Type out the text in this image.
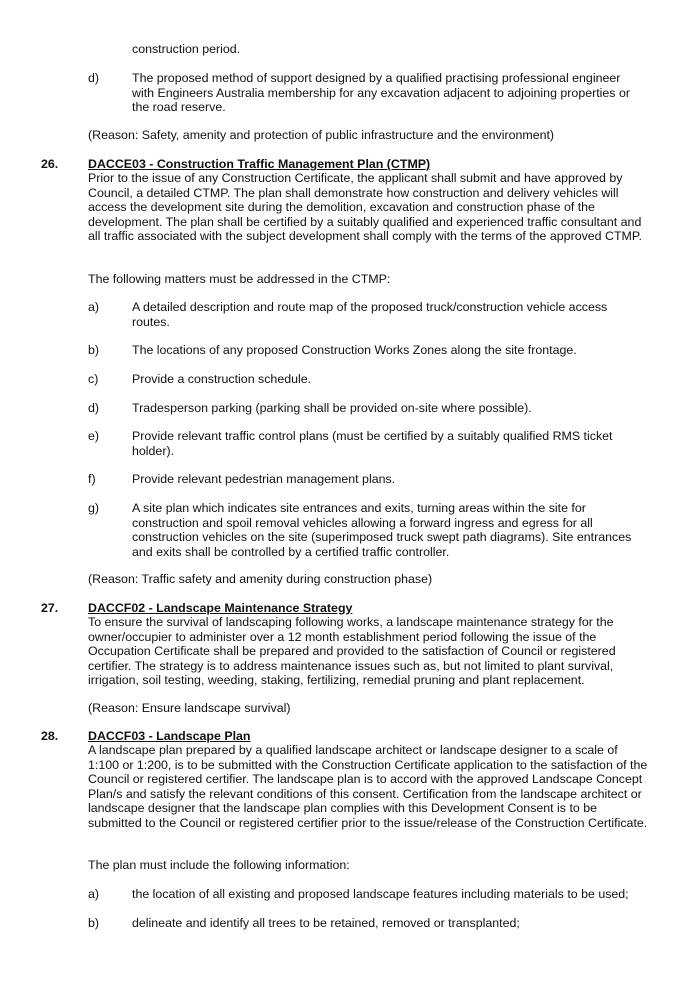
construction period.

d)	The proposed method of support designed by a qualified practising professional engineer with Engineers Australia membership for any excavation adjacent to adjoining properties or the road reserve.

(Reason: Safety, amenity and protection of public infrastructure and the environment)

26. DACCE03 - Construction Traffic Management Plan (CTMP)

Prior to the issue of any Construction Certificate, the applicant shall submit and have approved by Council, a detailed CTMP. The plan shall demonstrate how construction and delivery vehicles will access the development site during the demolition, excavation and construction phase of the development. The plan shall be certified by a suitably qualified and experienced traffic consultant and all traffic associated with the subject development shall comply with the terms of the approved CTMP.

The following matters must be addressed in the CTMP:

a)	A detailed description and route map of the proposed truck/construction vehicle access routes.

b)	The locations of any proposed Construction Works Zones along the site frontage.

c)	Provide a construction schedule.

d)	Tradesperson parking (parking shall be provided on-site where possible).

e)	Provide relevant traffic control plans (must be certified by a suitably qualified RMS ticket holder).

f)	Provide relevant pedestrian management plans.

g)	A site plan which indicates site entrances and exits, turning areas within the site for construction and spoil removal vehicles allowing a forward ingress and egress for all construction vehicles on the site (superimposed truck swept path diagrams). Site entrances and exits shall be controlled by a certified traffic controller.

(Reason: Traffic safety and amenity during construction phase)

27. DACCF02 - Landscape Maintenance Strategy

To ensure the survival of landscaping following works, a landscape maintenance strategy for the owner/occupier to administer over a 12 month establishment period following the issue of the Occupation Certificate shall be prepared and provided to the satisfaction of Council or registered certifier. The strategy is to address maintenance issues such as, but not limited to plant survival, irrigation, soil testing, weeding, staking, fertilizing, remedial pruning and plant replacement.

(Reason: Ensure landscape survival)

28. DACCF03 - Landscape Plan

A landscape plan prepared by a qualified landscape architect or landscape designer to a scale of 1:100 or 1:200, is to be submitted with the Construction Certificate application to the satisfaction of the Council or registered certifier. The landscape plan is to accord with the approved Landscape Concept Plan/s and satisfy the relevant conditions of this consent. Certification from the landscape architect or landscape designer that the landscape plan complies with this Development Consent is to be submitted to the Council or registered certifier prior to the issue/release of the Construction Certificate.

The plan must include the following information:

a)	the location of all existing and proposed landscape features including materials to be used;

b)	delineate and identify all trees to be retained, removed or transplanted;
